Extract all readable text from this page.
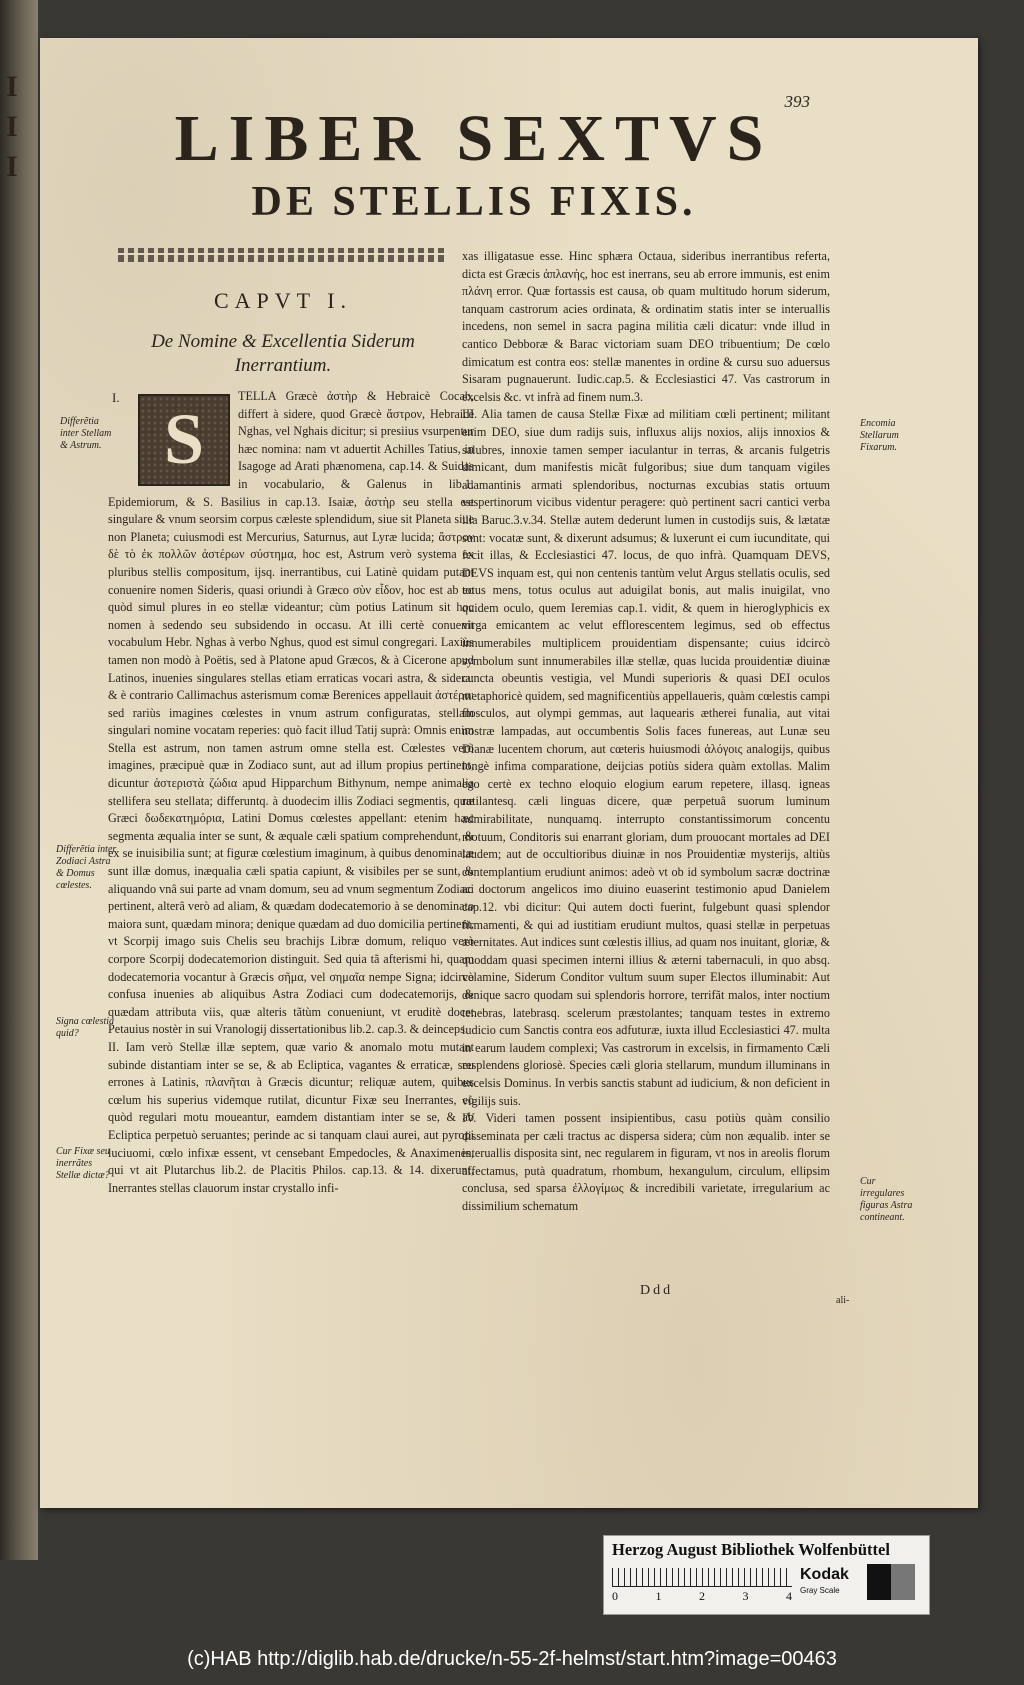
I
I
I
393
LIBER SEXTVS
DE STELLIS FIXIS.
CAPVT I.
De Nomine & Excellentia Siderum
Inerrantium.
I.
S

TELLA Græcè ἀστὴρ & Hebraicè Cocab, differt à sidere, quod Græcè ἄστρον, Hebraicè Nghas, vel Nghais dicitur; si presiius vsurpentur hæc nomina: nam vt aduertit Achilles Tatius, in Isagoge ad Arati phænomena, cap.14. & Suidas in vocabulario, & Galenus in lib.1. Epidemiorum, & S. Basilius in cap.13. Isaiæ, ἀστὴρ seu stella est singulare & vnum seorsim corpus cæleste splendidum, siue sit Planeta siue non Planeta; cuiusmodi est Mercurius, Saturnus, aut Lyræ lucida; ἄστρον δὲ τὸ ἐκ πολλῶν ἀστέρων σύστημα, hoc est, Astrum verò systema ex pluribus stellis compositum, ijsq. inerrantibus, cui Latinè quidam putant conuenire nomen Sideris, quasi oriundi à Græco σὺν εἶδον, hoc est ab eo quòd simul plures in eo stellæ videantur; cùm potius Latinum sit hoc nomen à sedendo seu subsidendo in occasu. At illi certè conuenit vocabulum Hebr. Nghas à verbo Nghus, quod est simul congregari. Laxiùs tamen non modò à Poëtis, sed à Platone apud Græcos, & à Cicerone apud Latinos, inuenies singulares stellas etiam erraticas vocari astra, & sidera: & è contrario Callimachus asterismum comæ Berenices appellauit ἀστέρα: sed rariùs imagines cœlestes in vnum astrum configuratas, stellam singulari nomine vocatam reperies: quò facit illud Tatij suprà: Omnis enim Stella est astrum, non tamen astrum omne stella est. Cœlestes verò imagines, præcipuè quæ in Zodiaco sunt, aut ad illum propius pertinent, dicuntur ἀστεριστὰ ζώδια apud Hipparchum Bithynum, nempe animalia stellifera seu stellata; differuntq. à duodecim illis Zodiaci segmentis, quæ Græci δωδεκατημόρια, Latini Domus cœlestes appellant: etenim hæc segmenta æqualia inter se sunt, & æquale cæli spatium comprehendunt, & ex se inuisibilia sunt; at figuræ cœlestium imaginum, à quibus denominatæ sunt illæ domus, inæqualia cæli spatia capiunt, & visibiles per se sunt, & aliquando vnâ sui parte ad vnam domum, seu ad vnum segmentum Zodiaci pertinent, alterâ verò ad aliam, & quædam dodecatemorio à se denominato maiora sunt, quædam minora; denique quædam ad duo domicilia pertinent, vt Scorpij imago suis Chelis seu brachijs Libræ domum, reliquo verò corpore Scorpij dodecatemorion distinguit. Sed quia tã afterismi hi, quam dodecatemoria vocantur à Græcis σῆμα, vel σημαῖα nempe Signa; idcircò confusa inuenies ab aliquibus Astra Zodiaci cum dodecatemorijs, & quædam attributa viis, quæ alteris tãtùm conueniunt, vt eruditè docet Petauius nostèr in sui Vranologij dissertationibus lib.2. cap.3. & deinceps.

II. Iam verò Stellæ illæ septem, quæ vario & anomalo motu mutant subinde distantiam inter se se, & ab Ecliptica, vagantes & erraticæ, seu errones à Latinis, πλανῆται à Græcis dicuntur; reliquæ autem, quibus cœlum his superius videmque rutilat, dicuntur Fixæ seu Inerrantes, eò quòd regulari motu moueantur, eamdem distantiam inter se se, & ab Ecliptica perpetuò seruantes; perinde ac si tanquam claui aurei, aut pyropi luciuomi, cœlo infixæ essent, vt censebant Empedocles, & Anaximenes, qui vt ait Plutarchus lib.2. de Placitis Philos. cap.13. & 14. dixerunt, Inerrantes stellas clauorum instar crystallo infi-

xas illigatasue esse. Hinc sphæra Octaua, sideribus inerrantibus referta, dicta est Græcis ἀπλανὴς, hoc est inerrans, seu ab errore immunis, est enim πλάνη error. Quæ fortassis est causa, ob quam multitudo horum siderum, tanquam castrorum acies ordinata, & ordinatim statis inter se interuallis incedens, non semel in sacra pagina militia cæli dicatur: vnde illud in cantico Debboræ & Barac victoriam suam DEO tribuentium; De cœlo dimicatum est contra eos: stellæ manentes in ordine & cursu suo aduersus Sisaram pugnauerunt. Iudic.cap.5. & Ecclesiastici 47. Vas castrorum in excelsis &c. vt infrà ad finem num.3.

III. Alia tamen de causa Stellæ Fixæ ad militiam cœli pertinent; militant enim DEO, siue dum radijs suis, influxus alijs noxios, alijs innoxios & salubres, innoxie tamen semper iaculantur in terras, & arcanis fulgetris dimicant, dum manifestis micãt fulgoribus; siue dum tanquam vigiles adamantinis armati splendoribus, nocturnas excubias statis ortuum vespertinorum vicibus videntur peragere: quò pertinent sacri cantici verba illa Baruc.3.v.34. Stellæ autem dederunt lumen in custodijs suis, & lætatæ sunt: vocatæ sunt, & dixerunt adsumus; & luxerunt ei cum iucunditate, qui fecit illas, & Ecclesiastici 47. locus, de quo infrà. Quamquam DEVS, DEVS inquam est, qui non centenis tantùm velut Argus stellatis oculis, sed totus mens, totus oculus aut aduigilat bonis, aut malis inuigilat, vno quidem oculo, quem Ieremias cap.1. vidit, & quem in hieroglyphicis ex virga emicantem ac velut efflorescentem legimus, sed ob effectus innumerabiles multiplicem prouidentiam dispensante; cuius idcircò symbolum sunt innumerabiles illæ stellæ, quas lucida prouidentiæ diuinæ cuncta obeuntis vestigia, vel Mundi superioris & quasi DEI oculos metaphoricè quidem, sed magnificentiùs appellaueris, quàm cœlestis campi flosculos, aut olympi gemmas, aut laquearis ætherei funalia, aut vitai nostræ lampadas, aut occumbentis Solis faces funereas, aut Lunæ seu Dianæ lucentem chorum, aut cœteris huiusmodi ἀλόγοις analogijs, quibus longè infima comparatione, deijcias potiùs sidera quàm extollas. Malim ego certè ex techno eloquio elogium earum repetere, illasq. igneas rutilantesq. cæli linguas dicere, quæ perpetuâ suorum luminum admirabilitate, nunquamq. interrupto constantissimorum concentu motuum, Conditoris sui enarrant gloriam, dum prouocant mortales ad DEI laudem; aut de occultioribus diuinæ in nos Prouidentiæ mysterijs, altiùs contemplantium erudiunt animos: adeò vt ob id symbolum sacræ doctrinæ ac doctorum angelicos imo diuino euaserint testimonio apud Danielem cap.12. vbi dicitur: Qui autem docti fuerint, fulgebunt quasi splendor firmamenti, & qui ad iustitiam erudiunt multos, quasi stellæ in perpetuas æternitates. Aut indices sunt cœlestis illius, ad quam nos inuitant, gloriæ, & quoddam quasi specimen interni illius & æterni tabernaculi, in quo absq. velamine, Siderum Conditor vultum suum super Electos illuminabit: Aut denique sacro quodam sui splendoris horrore, terrifãt malos, inter noctium tenebras, latebrasq. scelerum præstolantes; tanquam testes in extremo iudicio cum Sanctis contra eos adfuturæ, iuxta illud Ecclesiastici 47. multa in earum laudem complexi; Vas castrorum in excelsis, in firmamento Cæli resplendens gloriosè. Species cæli gloria stellarum, mundum illuminans in excelsis Dominus. In verbis sanctis stabunt ad iudicium, & non deficient in vigilijs suis.

IV. Videri tamen possent insipientibus, casu potiùs quàm consilio disseminata per cæli tractus ac dispersa sidera; cùm non æqualib. inter se interuallis disposita sint, nec regularem in figuram, vt nos in areolis florum affectamus, putà quadratum, rhombum, hexangulum, circulum, ellipsim conclusa, sed sparsa ἐλλογίμως & incredibili varietate, irregularium ac dissimilium schematum

Differẽtia inter Stellam & Astrum.
Differẽtia inter Zodiaci Astra & Domus cœlestes.
Signa cœlestia quid?
Cur Fixæ seu inerrãtes Stellæ dictæ?
Encomia Stellarum Fixarum.
Cur irregulares figuras Astra contineant.
Ddd
ali-
Herzog August Bibliothek Wolfenbüttel
0	1	2	3	4
Kodak
Gray Scale
(c)HAB http://diglib.hab.de/drucke/n-55-2f-helmst/start.htm?image=00463
